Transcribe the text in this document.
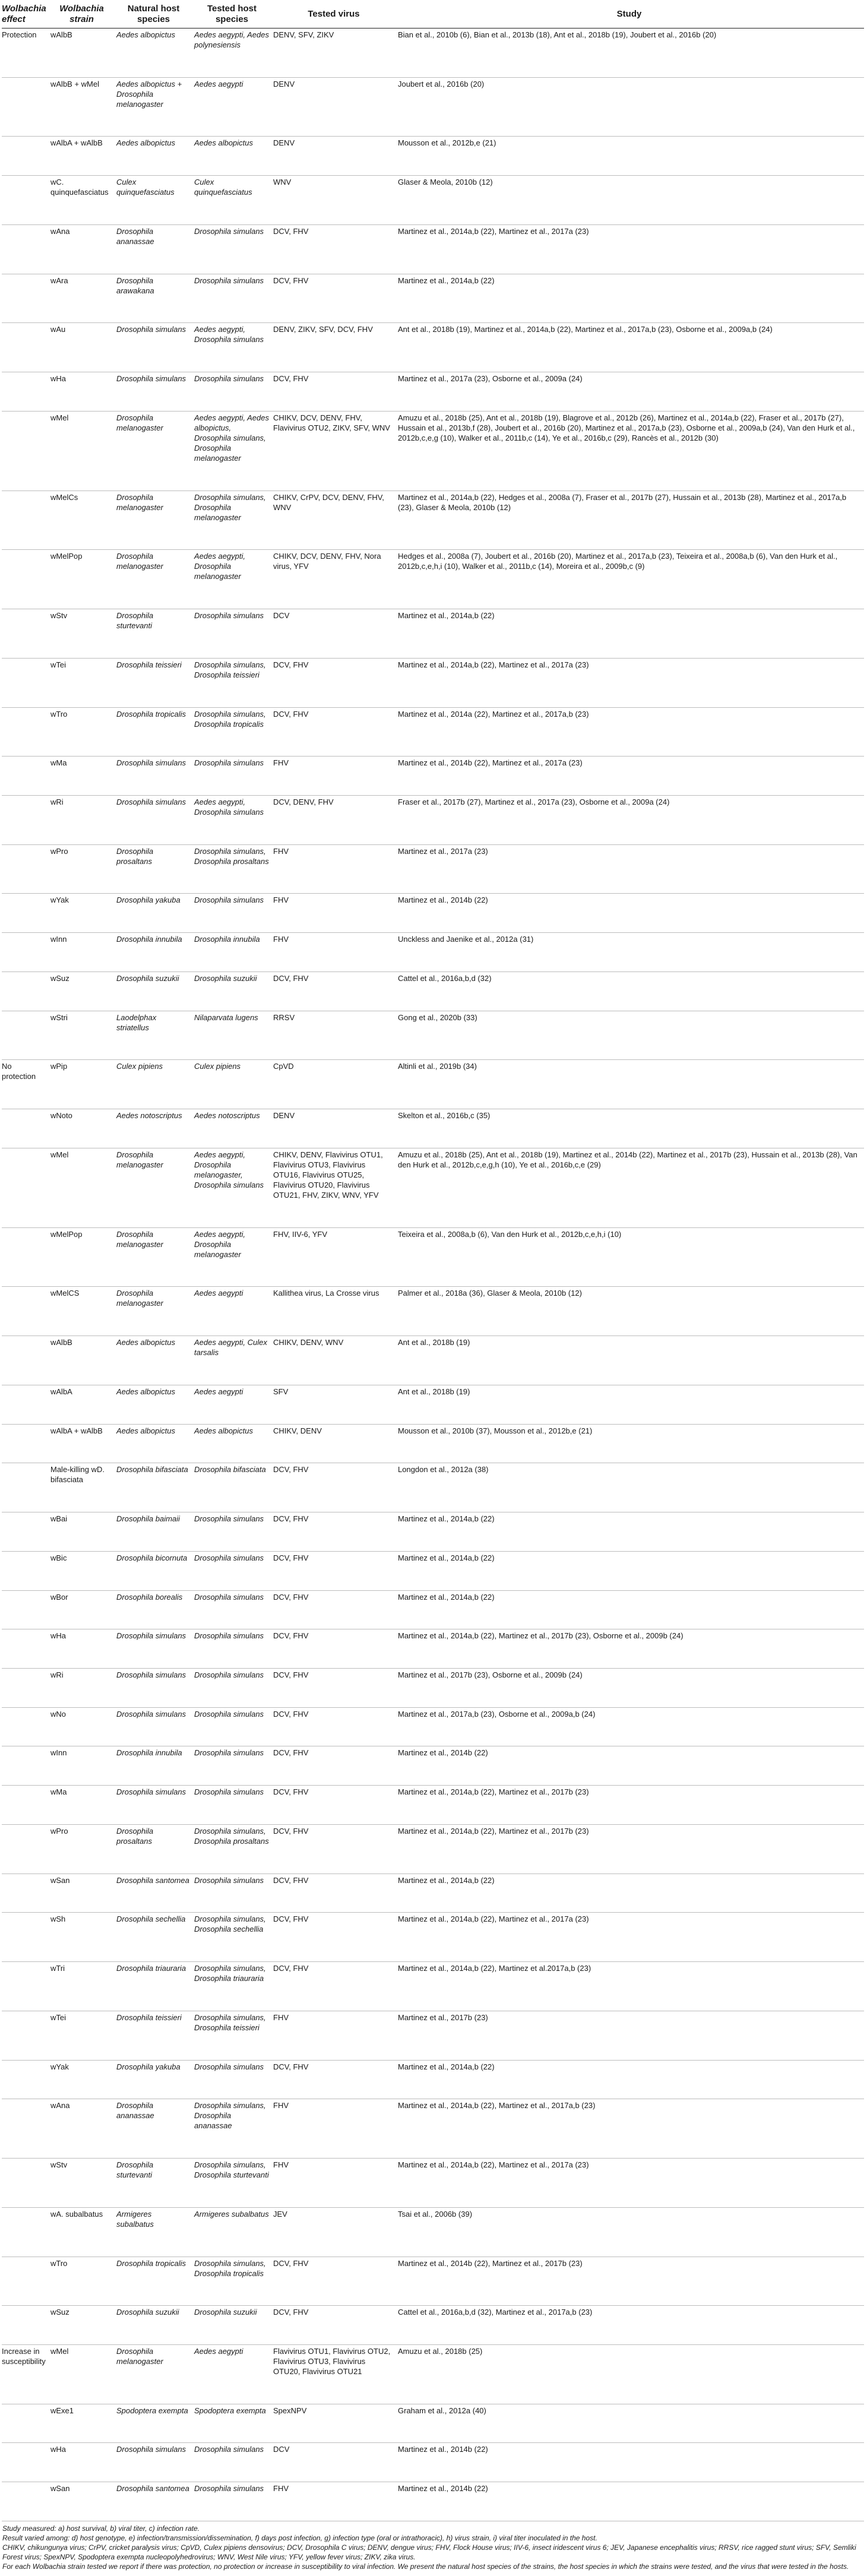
Wolbachia effect	Wolbachia strain	Natural host species	Tested host species	Tested virus	Study
Protection	wAlbB	Aedes albopictus	Aedes aegypti, Aedes polynesiensis	DENV, SFV, ZIKV	Bian et al., 2010b (6), Bian et al., 2013b (18), Ant et al., 2018b (19), Joubert et al., 2016b (20)
	wAlbB + wMel	Aedes albopictus + Drosophila melanogaster	Aedes aegypti	DENV	Joubert et al., 2016b (20)
	wAlbA + wAlbB	Aedes albopictus	Aedes albopictus	DENV	Mousson et al., 2012b,e (21)
	wC. quinquefasciatus	Culex quinquefasciatus	Culex quinquefasciatus	WNV	Glaser & Meola, 2010b (12)
	wAna	Drosophila ananassae	Drosophila simulans	DCV, FHV	Martinez et al., 2014a,b (22), Martinez et al., 2017a (23)
	wAra	Drosophila arawakana	Drosophila simulans	DCV, FHV	Martinez et al., 2014a,b (22)
	wAu	Drosophila simulans	Aedes aegypti, Drosophila simulans	DENV, ZIKV, SFV, DCV, FHV	Ant et al., 2018b (19), Martinez et al., 2014a,b (22), Martinez et al., 2017a,b (23), Osborne et al., 2009a,b (24)
	wHa	Drosophila simulans	Drosophila simulans	DCV, FHV	Martinez et al., 2017a (23), Osborne et al., 2009a (24)
	wMel	Drosophila melanogaster	Aedes aegypti, Aedes albopictus, Drosophila simulans, Drosophila melanogaster	CHIKV, DCV, DENV, FHV, Flavivirus OTU2, ZIKV, SFV, WNV	Amuzu et al., 2018b (25), Ant et al., 2018b (19), Blagrove et al., 2012b (26), Martinez et al., 2014a,b (22), Fraser et al., 2017b (27), Hussain et al., 2013b,f (28), Joubert et al., 2016b (20), Martinez et al., 2017a,b (23), Osborne et al., 2009a,b (24), Van den Hurk et al., 2012b,c,e,g (10), Walker et al., 2011b,c (14), Ye et al., 2016b,c (29), Rancès et al., 2012b (30)
	wMelCs	Drosophila melanogaster	Drosophila simulans, Drosophila melanogaster	CHIKV, CrPV, DCV, DENV, FHV, WNV	Martinez et al., 2014a,b (22), Hedges et al., 2008a (7), Fraser et al., 2017b (27), Hussain et al., 2013b (28), Martinez et al., 2017a,b (23), Glaser & Meola, 2010b (12)
	wMelPop	Drosophila melanogaster	Aedes aegypti, Drosophila melanogaster	CHIKV, DCV, DENV, FHV, Nora virus, YFV	Hedges et al., 2008a (7), Joubert et al., 2016b (20), Martinez et al., 2017a,b (23), Teixeira et al., 2008a,b (6), Van den Hurk et al., 2012b,c,e,h,i (10), Walker et al., 2011b,c (14), Moreira et al., 2009b,c (9)
	wStv	Drosophila sturtevanti	Drosophila simulans	DCV	Martinez et al., 2014a,b (22)
	wTei	Drosophila teissieri	Drosophila simulans, Drosophila teissieri	DCV, FHV	Martinez et al., 2014a,b (22), Martinez et al., 2017a (23)
	wTro	Drosophila tropicalis	Drosophila simulans, Drosophila tropicalis	DCV, FHV	Martinez et al., 2014a (22), Martinez et al., 2017a,b (23)
	wMa	Drosophila simulans	Drosophila simulans	FHV	Martinez et al., 2014b (22), Martinez et al., 2017a (23)
	wRi	Drosophila simulans	Aedes aegypti, Drosophila simulans	DCV, DENV, FHV	Fraser et al., 2017b (27), Martinez et al., 2017a (23), Osborne et al., 2009a (24)
	wPro	Drosophila prosaltans	Drosophila simulans, Drosophila prosaltans	FHV	Martinez et al., 2017a (23)
	wYak	Drosophila yakuba	Drosophila simulans	FHV	Martinez et al., 2014b (22)
	wInn	Drosophila innubila	Drosophila innubila	FHV	Unckless and Jaenike et al., 2012a (31)
	wSuz	Drosophila suzukii	Drosophila suzukii	DCV, FHV	Cattel et al., 2016a,b,d (32)
	wStri	Laodelphax striatellus	Nilaparvata lugens	RRSV	Gong et al., 2020b (33)
No protection	wPip	Culex pipiens	Culex pipiens	CpVD	Altinli et al., 2019b (34)
	wNoto	Aedes notoscriptus	Aedes notoscriptus	DENV	Skelton et al., 2016b,c (35)
	wMel	Drosophila melanogaster	Aedes aegypti, Drosophila melanogaster, Drosophila simulans	CHIKV, DENV, Flavivirus OTU1, Flavivirus OTU3, Flavivirus OTU16, Flavivirus OTU25, Flavivirus OTU20, Flavivirus OTU21, FHV, ZIKV, WNV, YFV	Amuzu et al., 2018b (25), Ant et al., 2018b (19), Martinez et al., 2014b (22), Martinez et al., 2017b (23), Hussain et al., 2013b (28), Van den Hurk et al., 2012b,c,e,g,h (10), Ye et al., 2016b,c,e (29)
	wMelPop	Drosophila melanogaster	Aedes aegypti, Drosophila melanogaster	FHV, IIV-6, YFV	Teixeira et al., 2008a,b (6), Van den Hurk et al., 2012b,c,e,h,i (10)
	wMelCS	Drosophila melanogaster	Aedes aegypti	Kallithea virus, La Crosse virus	Palmer et al., 2018a (36), Glaser & Meola, 2010b (12)
	wAlbB	Aedes albopictus	Aedes aegypti, Culex tarsalis	CHIKV, DENV, WNV	Ant et al., 2018b (19)
	wAlbA	Aedes albopictus	Aedes aegypti	SFV	Ant et al., 2018b (19)
	wAlbA + wAlbB	Aedes albopictus	Aedes albopictus	CHIKV, DENV	Mousson et al., 2010b (37), Mousson et al., 2012b,e (21)
	Male-killing wD. bifasciata	Drosophila bifasciata	Drosophila bifasciata	DCV, FHV	Longdon et al., 2012a (38)
	wBai	Drosophila baimaii	Drosophila simulans	DCV, FHV	Martinez et al., 2014a,b (22)
	wBic	Drosophila bicornuta	Drosophila simulans	DCV, FHV	Martinez et al., 2014a,b (22)
	wBor	Drosophila borealis	Drosophila simulans	DCV, FHV	Martinez et al., 2014a,b (22)
	wHa	Drosophila simulans	Drosophila simulans	DCV, FHV	Martinez et al., 2014a,b (22), Martinez et al., 2017b (23), Osborne et al., 2009b (24)
	wRi	Drosophila simulans	Drosophila simulans	DCV, FHV	Martinez et al., 2017b (23), Osborne et al., 2009b (24)
	wNo	Drosophila simulans	Drosophila simulans	DCV, FHV	Martinez et al., 2017a,b (23), Osborne et al., 2009a,b (24)
	wInn	Drosophila innubila	Drosophila simulans	DCV, FHV	Martinez et al., 2014b (22)
	wMa	Drosophila simulans	Drosophila simulans	DCV, FHV	Martinez et al., 2014a,b (22), Martinez et al., 2017b (23)
	wPro	Drosophila prosaltans	Drosophila simulans, Drosophila prosaltans	DCV, FHV	Martinez et al., 2014a,b (22), Martinez et al., 2017b (23)
	wSan	Drosophila santomea	Drosophila simulans	DCV, FHV	Martinez et al., 2014a,b (22)
	wSh	Drosophila sechellia	Drosophila simulans, Drosophila sechellia	DCV, FHV	Martinez et al., 2014a,b (22), Martinez et al., 2017a (23)
	wTri	Drosophila triauraria	Drosophila simulans, Drosophila triauraria	DCV, FHV	Martinez et al., 2014a,b (22), Martinez et al.2017a,b (23)
	wTei	Drosophila teissieri	Drosophila simulans, Drosophila teissieri	FHV	Martinez et al., 2017b (23)
	wYak	Drosophila yakuba	Drosophila simulans	DCV, FHV	Martinez et al., 2014a,b (22)
	wAna	Drosophila ananassae	Drosophila simulans, Drosophila ananassae	FHV	Martinez et al., 2014a,b (22), Martinez et al., 2017a,b (23)
	wStv	Drosophila sturtevanti	Drosophila simulans, Drosophila sturtevanti	FHV	Martinez et al., 2014a,b (22), Martinez et al., 2017a (23)
	wA. subalbatus	Armigeres subalbatus	Armigeres subalbatus	JEV	Tsai et al., 2006b (39)
	wTro	Drosophila tropicalis	Drosophila simulans, Drosophila tropicalis	DCV, FHV	Martinez et al., 2014b (22), Martinez et al., 2017b (23)
	wSuz	Drosophila suzukii	Drosophila suzukii	DCV, FHV	Cattel et al., 2016a,b,d (32), Martinez et al., 2017a,b (23)
Increase in susceptibility	wMel	Drosophila melanogaster	Aedes aegypti	Flavivirus OTU1, Flavivirus OTU2, Flavivirus OTU3, Flavivirus OTU20, Flavivirus OTU21	Amuzu et al., 2018b (25)
	wExe1	Spodoptera exempta	Spodoptera exempta	SpexNPV	Graham et al., 2012a (40)
	wHa	Drosophila simulans	Drosophila simulans	DCV	Martinez et al., 2014b (22)
	wSan	Drosophila santomea	Drosophila simulans	FHV	Martinez et al., 2014b (22)

Study measured: a) host survival, b) viral titer, c) infection rate.

Result varied among: d) host genotype, e) infection/transmission/dissemination, f) days post infection, g) infection type (oral or intrathoracic), h) virus strain, i) viral titer inoculated in the host.

CHIKV, chikungunya virus; CrPV, cricket paralysis virus; CpVD, Culex pipiens densovirus; DCV, Drosophila C virus; DENV, dengue virus; FHV, Flock House virus; IIV-6, insect iridescent virus 6; JEV, Japanese encephalitis virus; RRSV, rice ragged stunt virus; SFV, Semliki Forest virus; SpexNPV, Spodoptera exempta nucleopolyhedrovirus; WNV, West Nile virus; YFV, yellow fever virus; ZIKV, zika virus.

For each Wolbachia strain tested we report if there was protection, no protection or increase in susceptibility to viral infection. We present the natural host species of the strains, the host species in which the strains were tested, and the virus that were tested in the hosts.
